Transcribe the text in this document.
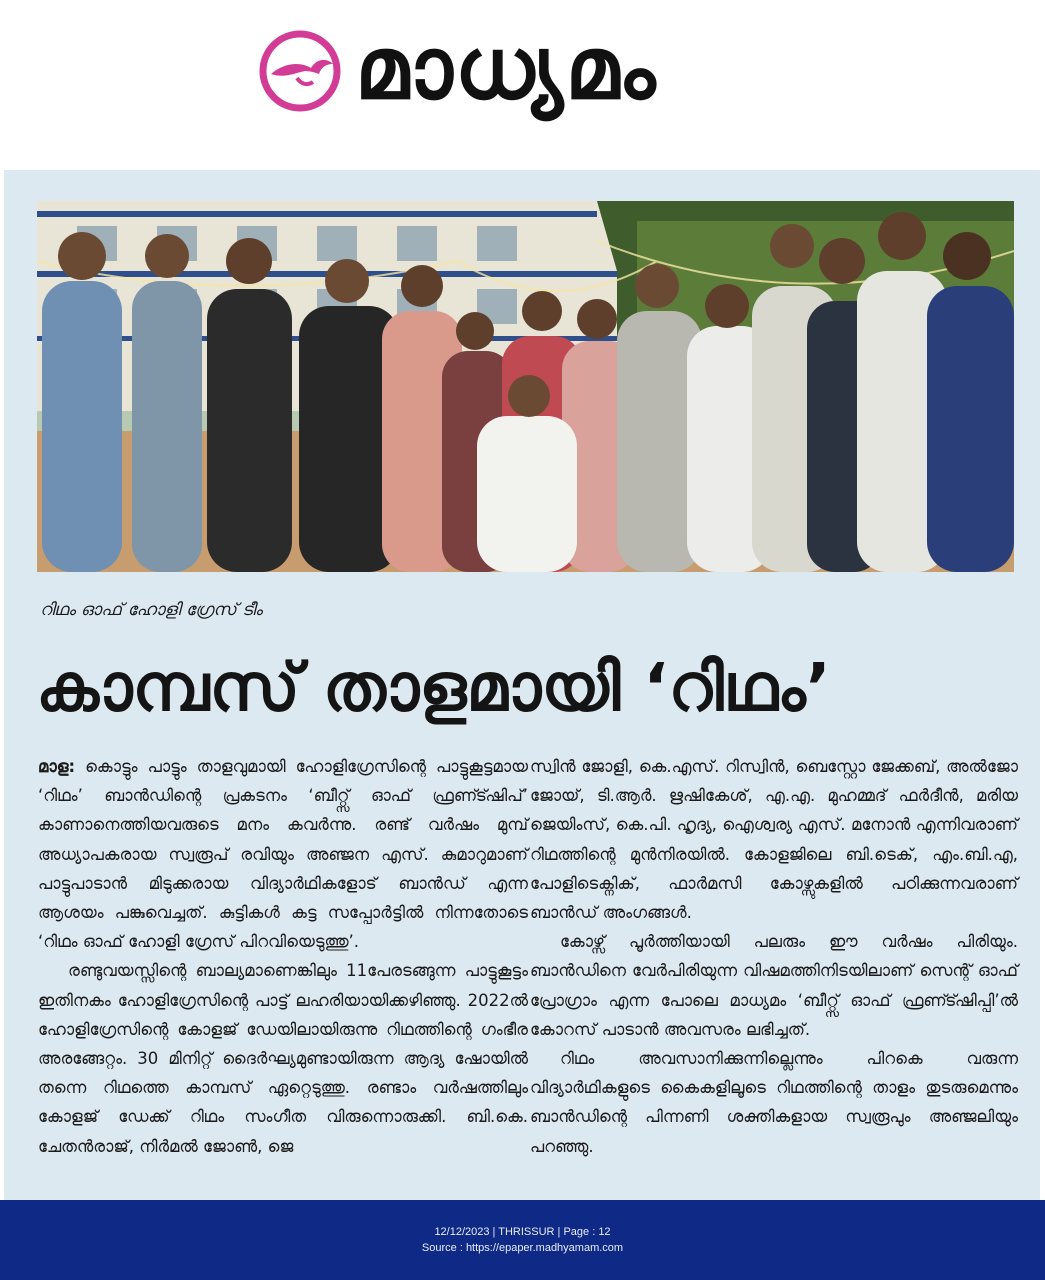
മാധ്യമം
റിഥം ഓഫ് ഹോളി ഗ്രേസ് ടീം
കാമ്പസ് താളമായി ‘റിഥം’

മാള: കൊട്ടും പാട്ടും താളവുമായി ഹോളിഗ്രേസിന്റെ പാട്ടുകൂട്ടമായ ‘റിഥം’ ബാൻഡിന്റെ പ്രകടനം ‘ബീറ്റ്സ് ഓഫ് ഫ്രണ്ട്ഷിപ്’ കാണാനെത്തിയവരുടെ മനം കവർന്നു. രണ്ട് വർഷം മുമ്പ് അധ്യാപകരായ സ്വരൂപ് രവിയും അഞ്ജന എസ്. കുമാറുമാണ് പാട്ടുപാടാൻ മിടുക്കരായ വിദ്യാർഥികളോട് ബാൻഡ് എന്ന ആശയം പങ്കുവെച്ചത്. കുട്ടികൾ കട്ട സപ്പോർട്ടിൽ നിന്നതോടെ ‘റിഥം ഓഫ് ഹോളി ഗ്രേസ് പിറവിയെടുത്തു’.

രണ്ടുവയസ്സിന്റെ ബാല്യമാണെങ്കിലും 11പേരടങ്ങുന്ന പാട്ടുകൂട്ടം ഇതിനകം ഹോളിഗ്രേസിന്റെ പാട്ട് ലഹരിയായിക്കഴിഞ്ഞു. 2022ൽ ഹോളിഗ്രേസിന്റെ കോളജ് ഡേയിലായിരുന്നു റിഥത്തിന്റെ ഗംഭീര അരങ്ങേറ്റം. 30 മിനിറ്റ് ദൈർഘ്യമുണ്ടായിരുന്ന ആദ്യ ഷോയിൽ തന്നെ റിഥത്തെ കാമ്പസ് ഏറ്റെടുത്തു. രണ്ടാം വർഷത്തിലും കോളജ് ഡേക്ക് റിഥം സംഗീത വിരുന്നൊരുക്കി. ബി.കെ. ചേതൻരാജ്, നിർമൽ ജോൺ, ജെ

സ്വിൻ ജോളി, കെ.എസ്. റിസ്വിൻ, ബെസ്റ്റോ ജേക്കബ്, അൽജോ ജോയ്, ടി.ആർ. ഋഷികേശ്, എ.എ. മുഹമ്മദ് ഫർദീൻ, മരിയ ജെയിംസ്, കെ.പി. ഹൃദ്യ, ഐശ്വര്യ എസ്. മനോൻ എന്നിവരാണ് റിഥത്തിന്റെ മുൻനിരയിൽ. കോളജിലെ ബി.ടെക്, എം.ബി.എ, പോളിടെക്നിക്, ഫാർമസി കോഴ്സുകളിൽ പഠിക്കുന്നവരാണ് ബാൻഡ് അംഗങ്ങൾ.

കോഴ്സ് പൂർത്തിയായി പലരും ഈ വർഷം പിരിയും. ബാൻഡിനെ വേർപിരിയുന്ന വിഷമത്തിനിടയിലാണ് സെന്റ് ഓഫ് പ്രോഗ്രാം എന്ന പോലെ മാധ്യമം ‘ബീറ്റ്സ് ഓഫ് ഫ്രണ്ട്ഷിപ്പി’ൽ കോറസ് പാടാൻ അവസരം ലഭിച്ചത്.

റിഥം അവസാനിക്കുന്നില്ലെന്നും പിറകെ വരുന്ന വിദ്യാർഥികളുടെ കൈകളിലൂടെ റിഥത്തിന്റെ താളം തുടരുമെന്നും ബാൻഡിന്റെ പിന്നണി ശക്തികളായ സ്വരൂപും അഞ്ജലിയും പറഞ്ഞു.

12/12/2023 | THRISSUR | Page : 12
Source : https://epaper.madhyamam.com
